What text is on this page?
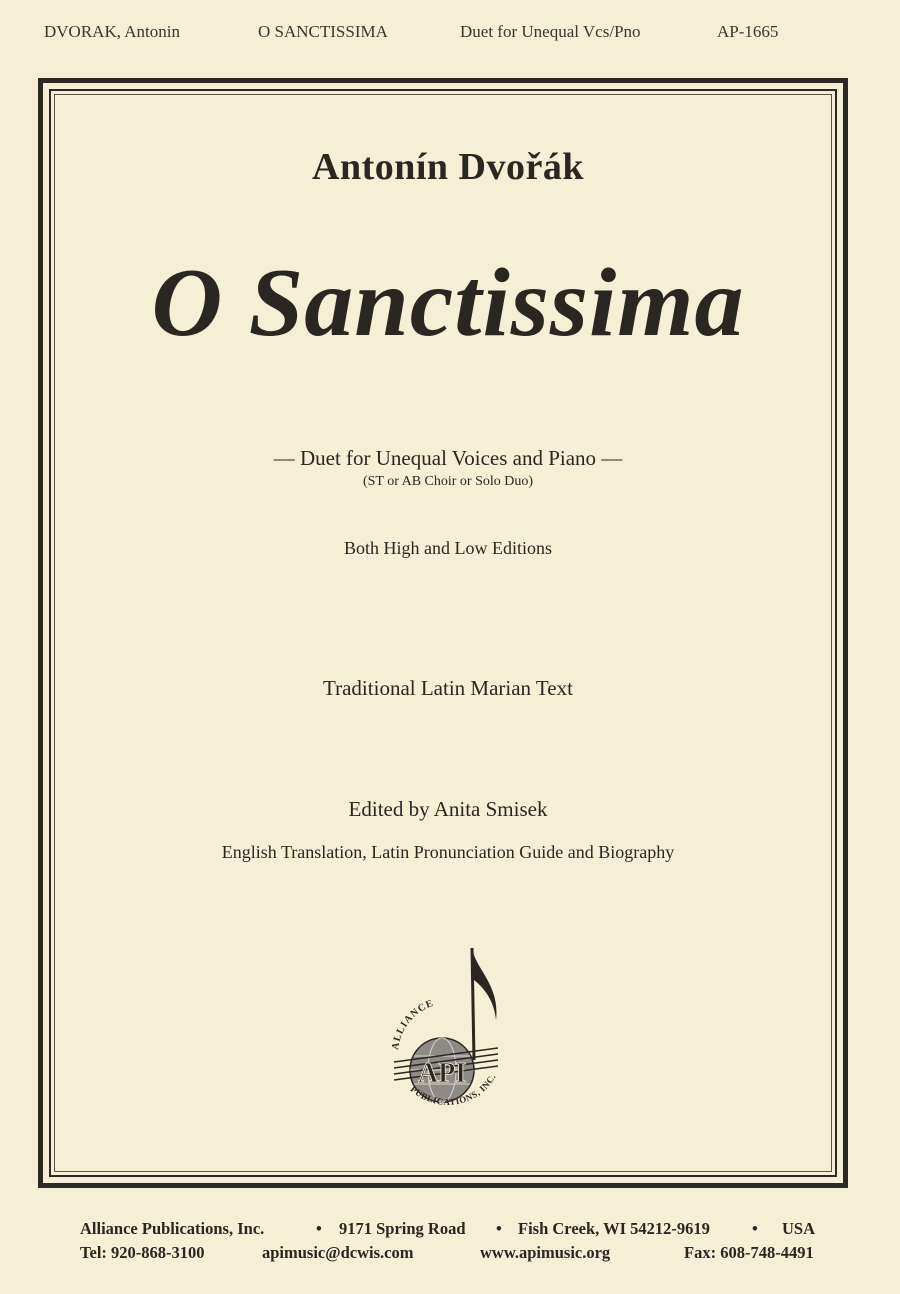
DVORAK, Antonin	O SANCTISSIMA	Duet for Unequal Vcs/Pno	AP-1665
Antonín Dvořák
O Sanctissima
— Duet for Unequal Voices and Piano —
(ST or AB Choir or Solo Duo)
Both High and Low Editions
Traditional Latin Marian Text
Edited by Anita Smisek
English Translation, Latin Pronunciation Guide and Biography
API
ALLIANCE
PUBLICATIONS, INC.
Alliance Publications, Inc.	• 9171 Spring Road • Fish Creek, WI 54212-9619	• USA
Tel: 920-868-3100	apimusic@dcwis.com	www.apimusic.org	Fax: 608-748-4491
